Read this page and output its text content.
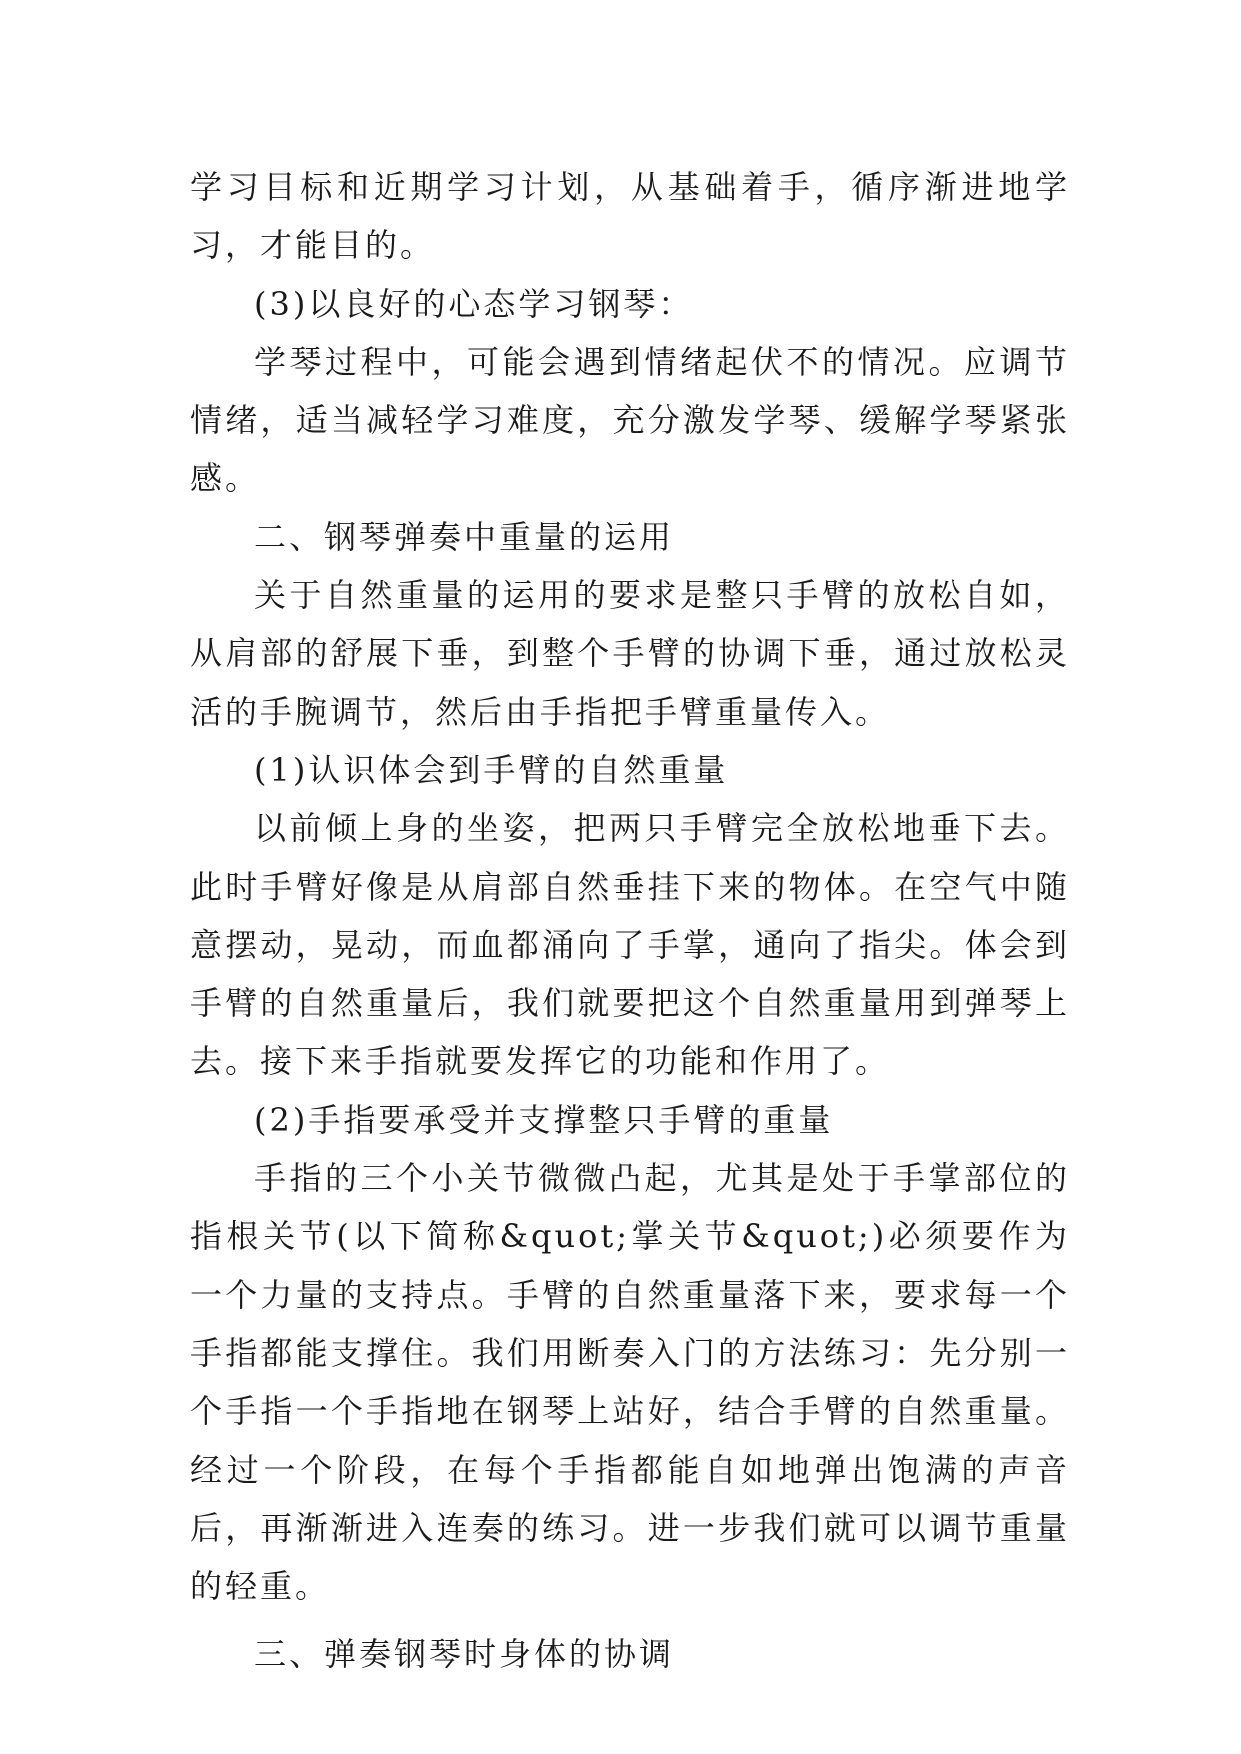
学习目标和近期学习计划，从基础着手，循序渐进地学习，才能目的。

(3)以良好的心态学习钢琴：

学琴过程中，可能会遇到情绪起伏不的情况。应调节情绪，适当减轻学习难度，充分激发学琴、缓解学琴紧张感。

二、钢琴弹奏中重量的运用

关于自然重量的运用的要求是整只手臂的放松自如，从肩部的舒展下垂，到整个手臂的协调下垂，通过放松灵活的手腕调节，然后由手指把手臂重量传入。

(1)认识体会到手臂的自然重量

以前倾上身的坐姿，把两只手臂完全放松地垂下去。此时手臂好像是从肩部自然垂挂下来的物体。在空气中随意摆动，晃动，而血都涌向了手掌，通向了指尖。体会到手臂的自然重量后，我们就要把这个自然重量用到弹琴上去。接下来手指就要发挥它的功能和作用了。

(2)手指要承受并支撑整只手臂的重量

手指的三个小关节微微凸起，尤其是处于手掌部位的指根关节(以下简称&quot;掌关节&quot;)必须要作为一个力量的支持点。手臂的自然重量落下来，要求每一个手指都能支撑住。我们用断奏入门的方法练习：先分别一个手指一个手指地在钢琴上站好，结合手臂的自然重量。经过一个阶段，在每个手指都能自如地弹出饱满的声音后，再渐渐进入连奏的练习。进一步我们就可以调节重量的轻重。

三、弹奏钢琴时身体的协调
